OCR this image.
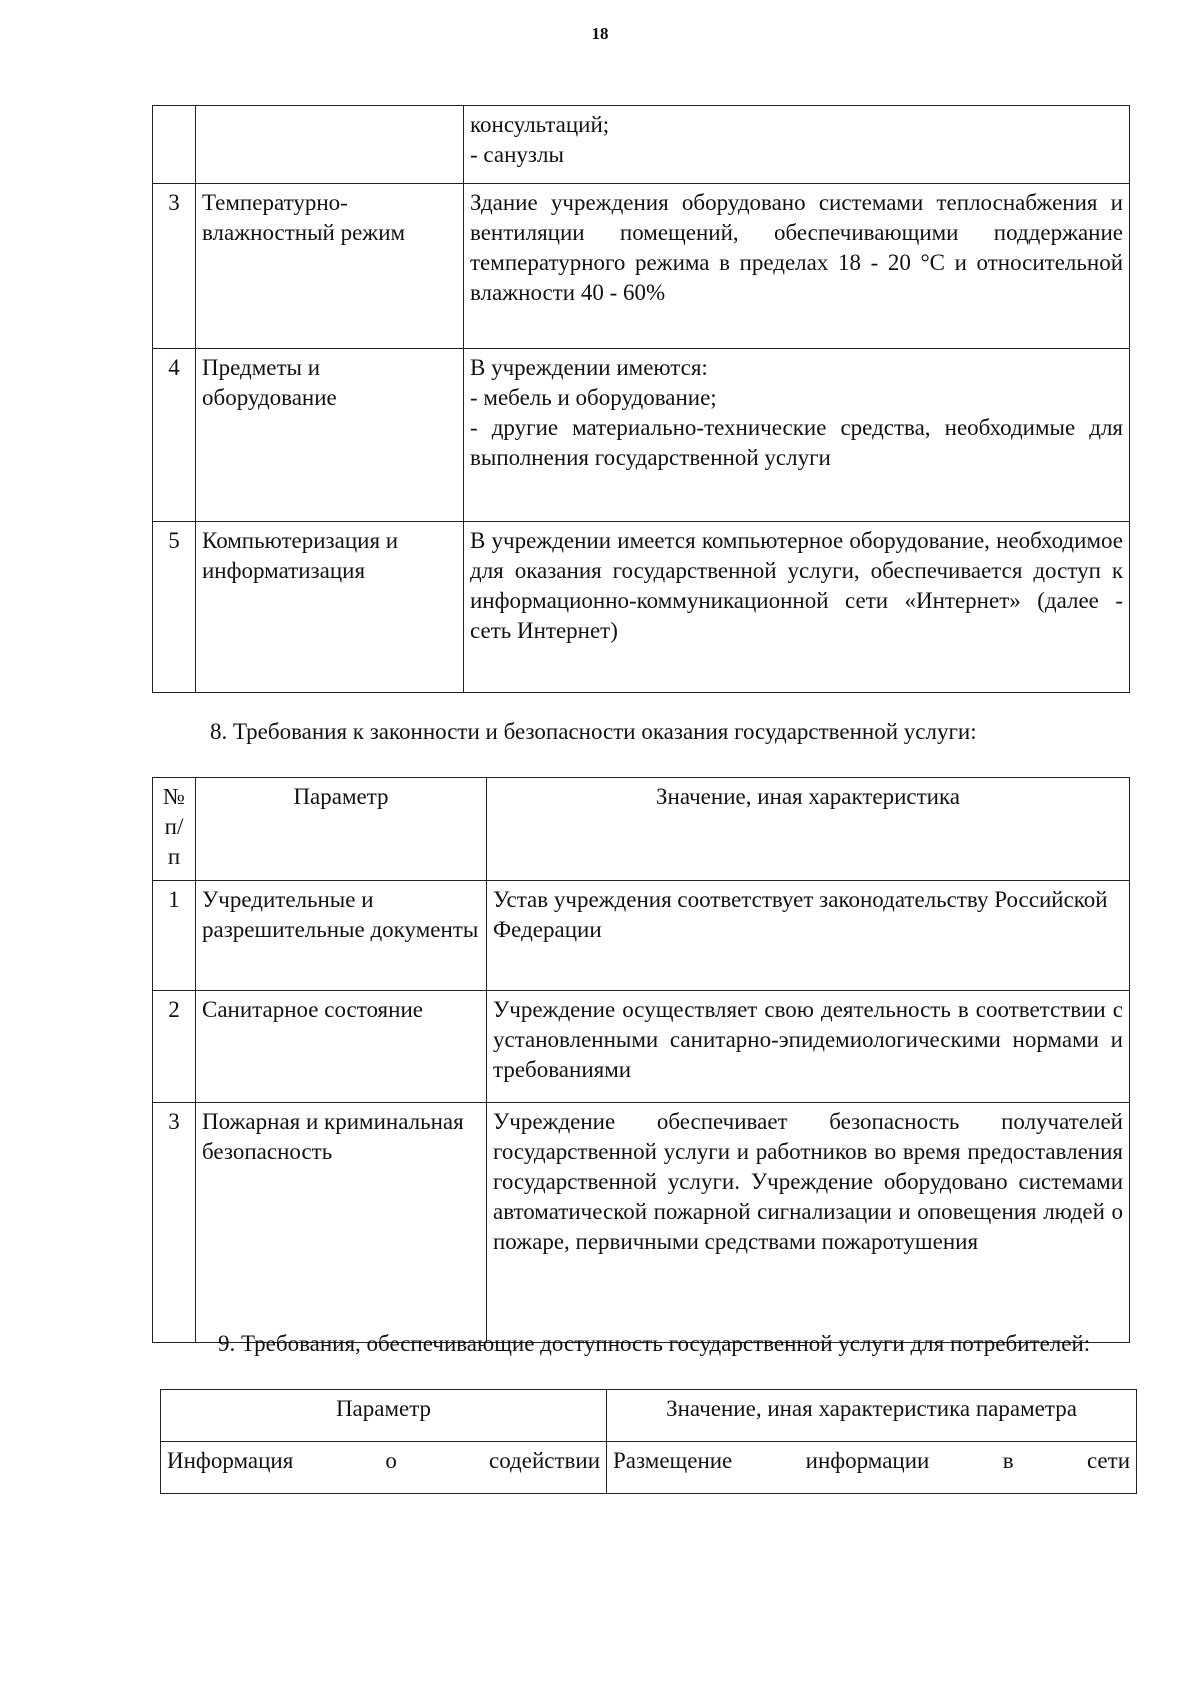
18

		консультаций;
- санузлы

3	Температурно-влажностный режим	Здание учреждения оборудовано системами теплоснабжения и вентиляции помещений, обеспечивающими поддержание температурного режима в пределах 18 - 20 °С и относительной влажности 40 - 60%
4	Предметы и оборудование	В учреждении имеются:
- мебель и оборудование;
- другие материально-технические средства, необходимые для выполнения государственной услуги

5	Компьютеризация и информатизация	В учреждении имеется компьютерное оборудование, необходимое для оказания государственной услуги, обеспечивается доступ к информационно-коммуникационной сети «Интернет» (далее - сеть Интернет)
8. Требования к законности и безопасности оказания государственной услуги:
№ п/п	Параметр	Значение, иная характеристика
1	Учредительные и разрешительные документы	Устав учреждения соответствует законодательству Российской Федерации
2	Санитарное состояние	Учреждение осуществляет свою деятельность в соответствии с установленными санитарно-эпидемиологическими нормами и требованиями
3	Пожарная и криминальная безопасность	Учреждение обеспечивает безопасность получателей государственной услуги и работников во время предоставления государственной услуги. Учреждение оборудовано системами автоматической пожарной сигнализации и оповещения людей о пожаре, первичными средствами пожаротушения
9. Требования, обеспечивающие доступность государственной услуги для потребителей:
Параметр	Значение, иная характеристика параметра
Информация о содействии	Размещение информации в сети
